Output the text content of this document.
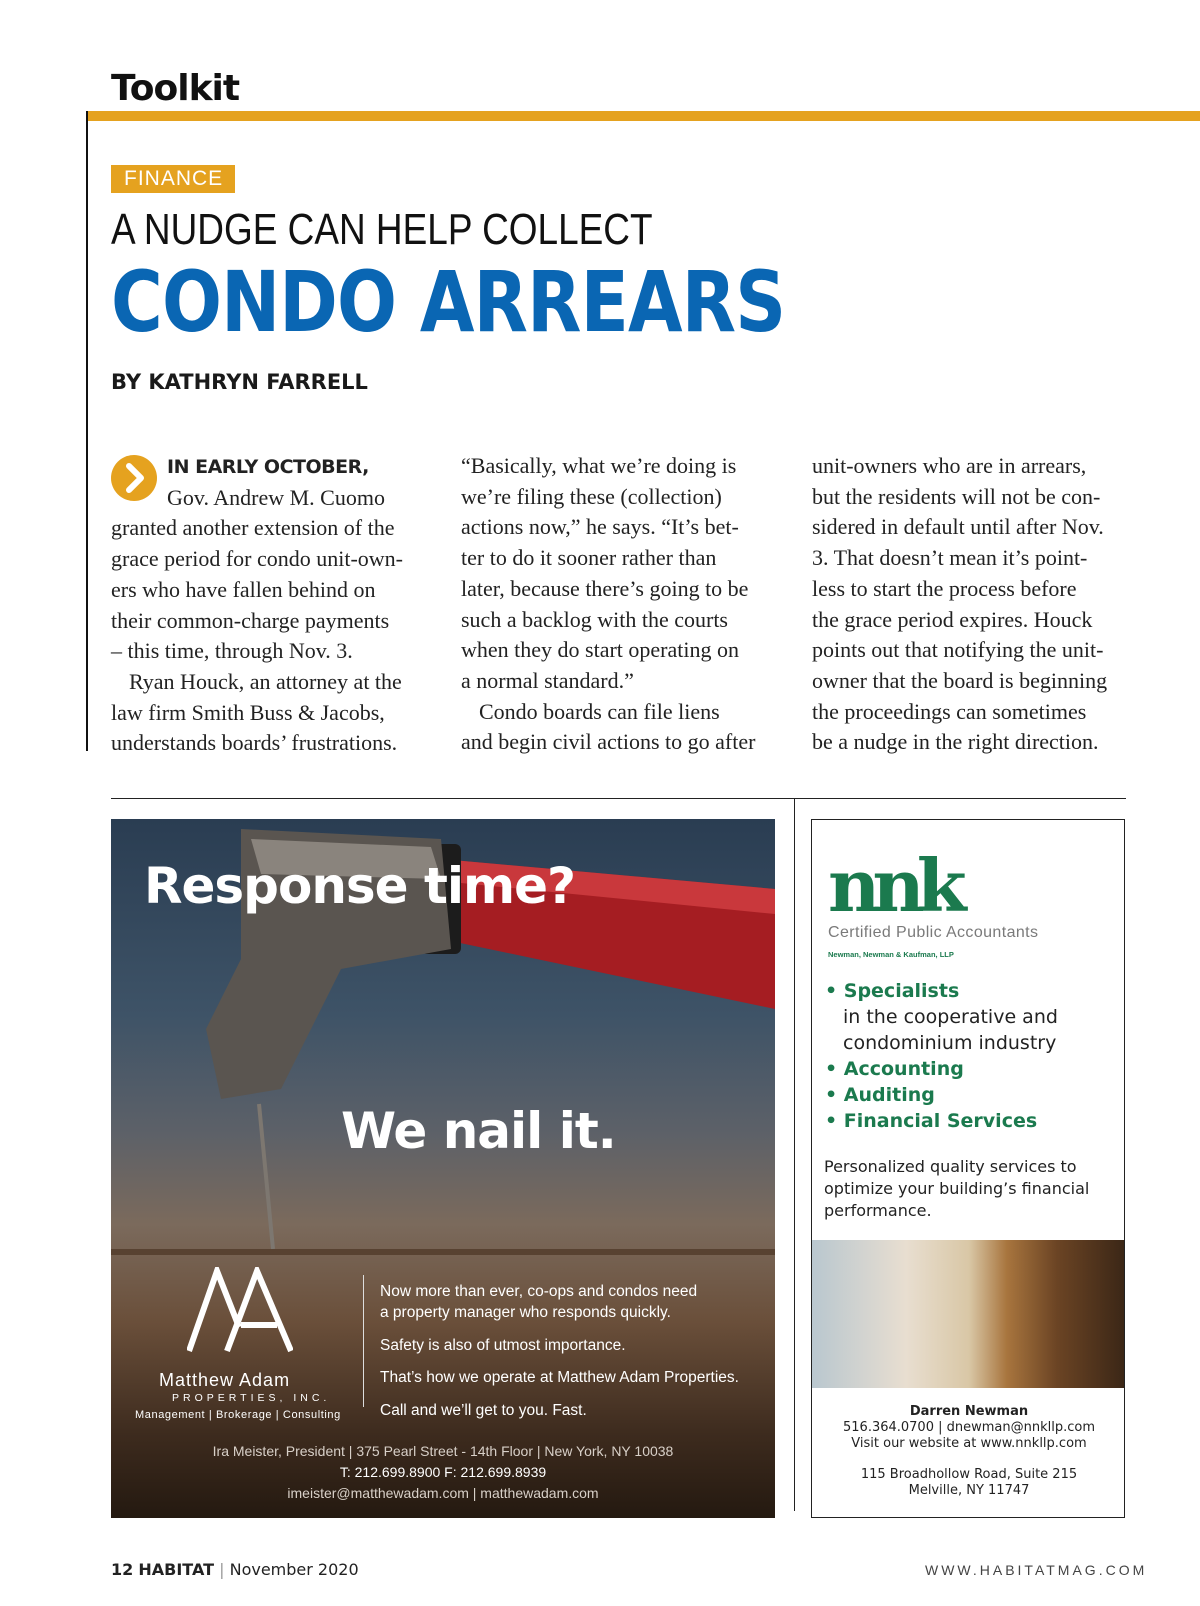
Toolkit
FINANCE
A NUDGE CAN HELP COLLECT
CONDO ARREARS
BY KATHRYN FARRELL

IN EARLY OCTOBER,

Gov. Andrew M. Cuomo

granted another extension of the

grace period for condo unit-own-

ers who have fallen behind on

their common-charge payments

– this time, through Nov. 3.

Ryan Houck, an attorney at the

law firm Smith Buss & Jacobs,

understands boards’ frustrations.

“Basically, what we’re doing is

we’re filing these (collection)

actions now,” he says. “It’s bet-

ter to do it sooner rather than

later, because there’s going to be

such a backlog with the courts

when they do start operating on

a normal standard.”

Condo boards can file liens

and begin civil actions to go after

unit-owners who are in arrears,

but the residents will not be con-

sidered in default until after Nov.

3. That doesn’t mean it’s point-

less to start the process before

the grace period expires. Houck

points out that notifying the unit-

owner that the board is beginning

the proceedings can sometimes

be a nudge in the right direction.

Response time?
We nail it.
Matthew Adam
PROPERTIES, INC.
Management | Brokerage | Consulting
Now more than ever, co-ops and condos need
a property manager who responds quickly.
Safety is also of utmost importance.
That’s how we operate at Matthew Adam Properties.
Call and we’ll get to you. Fast.
Ira Meister, President | 375 Pearl Street - 14th Floor | New York, NY 10038
T: 212.699.8900 F: 212.699.8939
imeister@matthewadam.com | matthewadam.com
nnk
Certified Public Accountants
Newman, Newman & Kaufman, LLP
• Specialists
in the cooperative and
condominium industry
• Accounting
• Auditing
• Financial Services
Personalized quality services to optimize your building’s financial performance.
Darren Newman
516.364.0700 | dnewman@nnkllp.com
Visit our website at www.nnkllp.com
115 Broadhollow Road, Suite 215
Melville, NY 11747
12 HABITAT | November 2020	WWW.HABITATMAG.COM
